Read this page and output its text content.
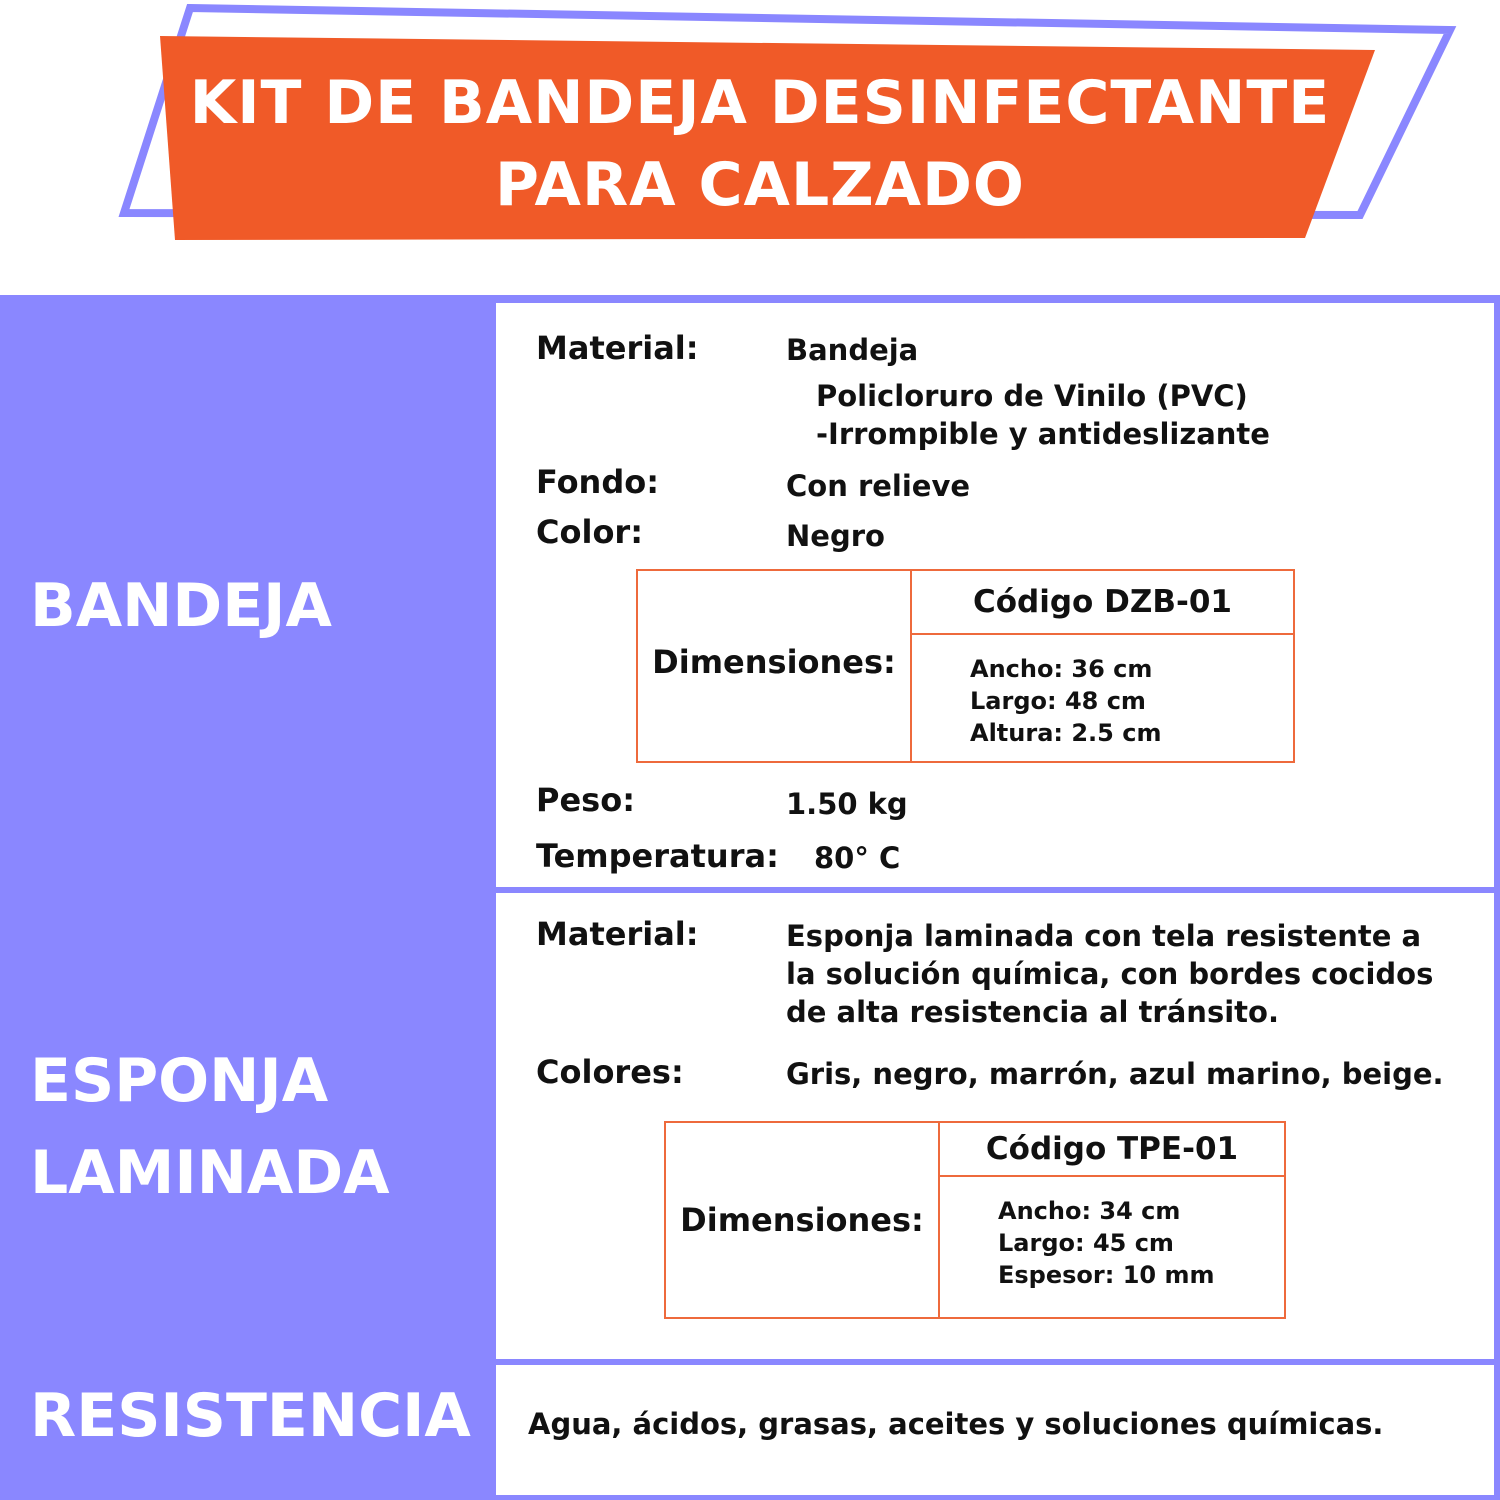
KIT DE BANDEJA DESINFECTANTE
PARA CALZADO
BANDEJA
ESPONJA
LAMINADA
RESISTENCIA
Material:	Bandeja
Policloruro de Vinilo (PVC)
-Irrompible y antideslizante
Fondo:	Con relieve
Color:	Negro
Dimensiones:
Código DZB-01
Ancho: 36 cm
Largo: 48 cm
Altura: 2.5 cm
Peso:	1.50 kg
Temperatura: 80° C
Material:	Esponja laminada con tela resistente a
la solución química, con bordes cocidos
de alta resistencia al tránsito.
Colores:	Gris, negro, marrón, azul marino, beige.
Dimensiones:
Código TPE-01
Ancho: 34 cm
Largo: 45 cm
Espesor: 10 mm
Agua, ácidos, grasas, aceites y soluciones químicas.
